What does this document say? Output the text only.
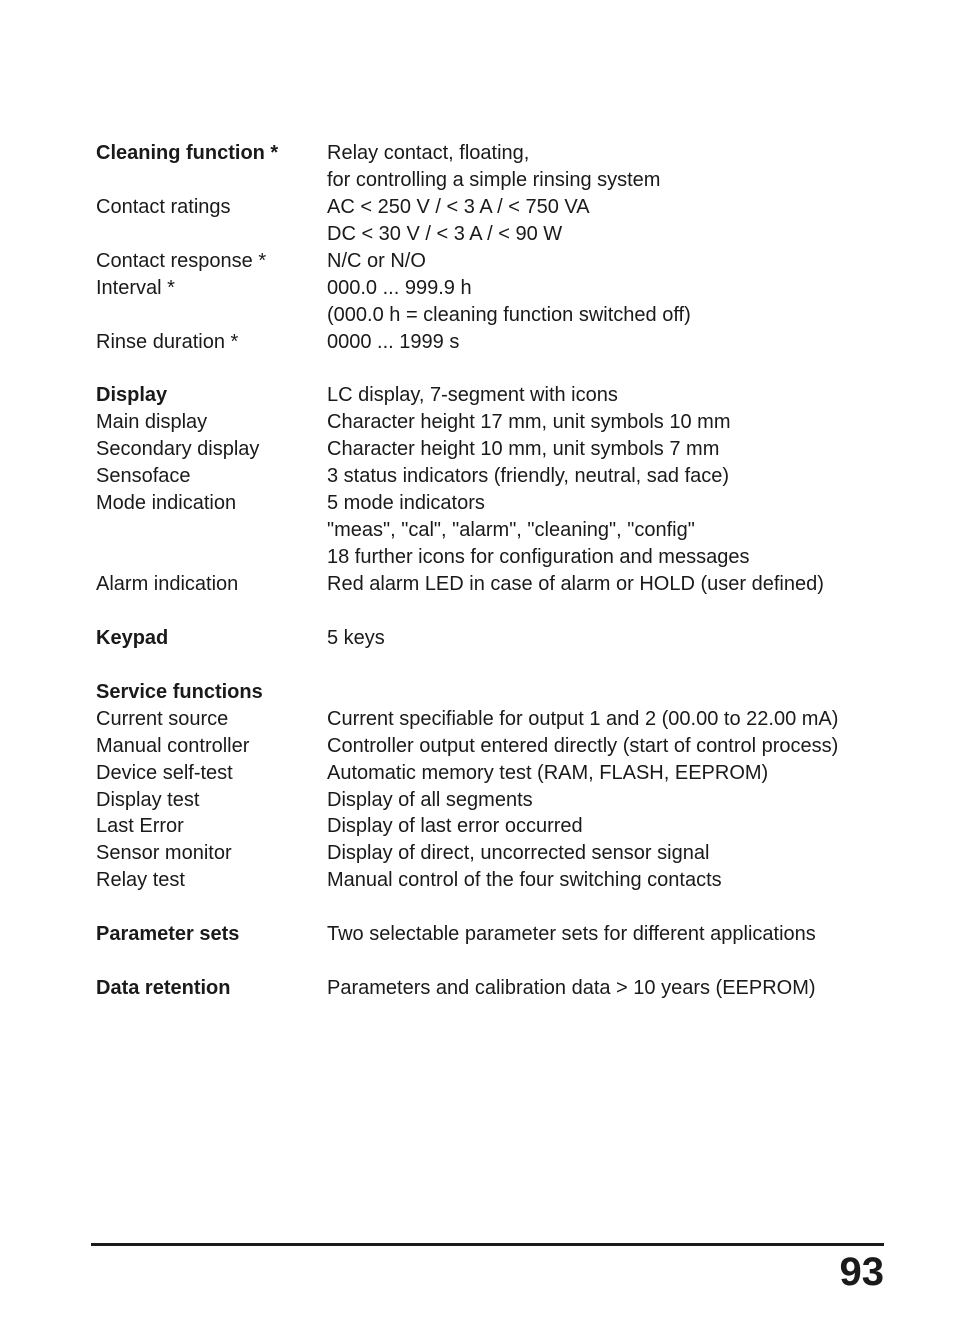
Cleaning function *	Relay contact, floating,
for controlling a simple rinsing system
Contact ratings	AC < 250 V / < 3 A / < 750 VA
DC < 30 V / < 3 A / < 90 W
Contact response *	N/C or N/O
Interval *	000.0 ... 999.9 h
(000.0 h = cleaning function switched off)
Rinse duration *	0000 ... 1999 s
Display	LC display, 7-segment with icons
Main display	Character height 17 mm, unit symbols 10 mm
Secondary display	Character height 10 mm, unit symbols 7 mm
Sensoface	3 status indicators (friendly, neutral, sad face)
Mode indication	5 mode indicators
"meas", "cal", "alarm", "cleaning", "config"
18 further icons for configuration and messages
Alarm indication	Red alarm LED in case of alarm or HOLD (user defined)
Keypad	5 keys
Service functions
Current source	Current specifiable for output 1 and 2 (00.00 to 22.00 mA)
Manual controller	Controller output entered directly (start of control process)
Device self-test	Automatic memory test (RAM, FLASH, EEPROM)
Display test	Display of all segments
Last Error	Display of last error occurred
Sensor monitor	Display of direct, uncorrected sensor signal
Relay test	Manual control of the four switching contacts
Parameter sets	Two selectable parameter sets for different applications
Data retention	Parameters and calibration data > 10 years (EEPROM)
93
